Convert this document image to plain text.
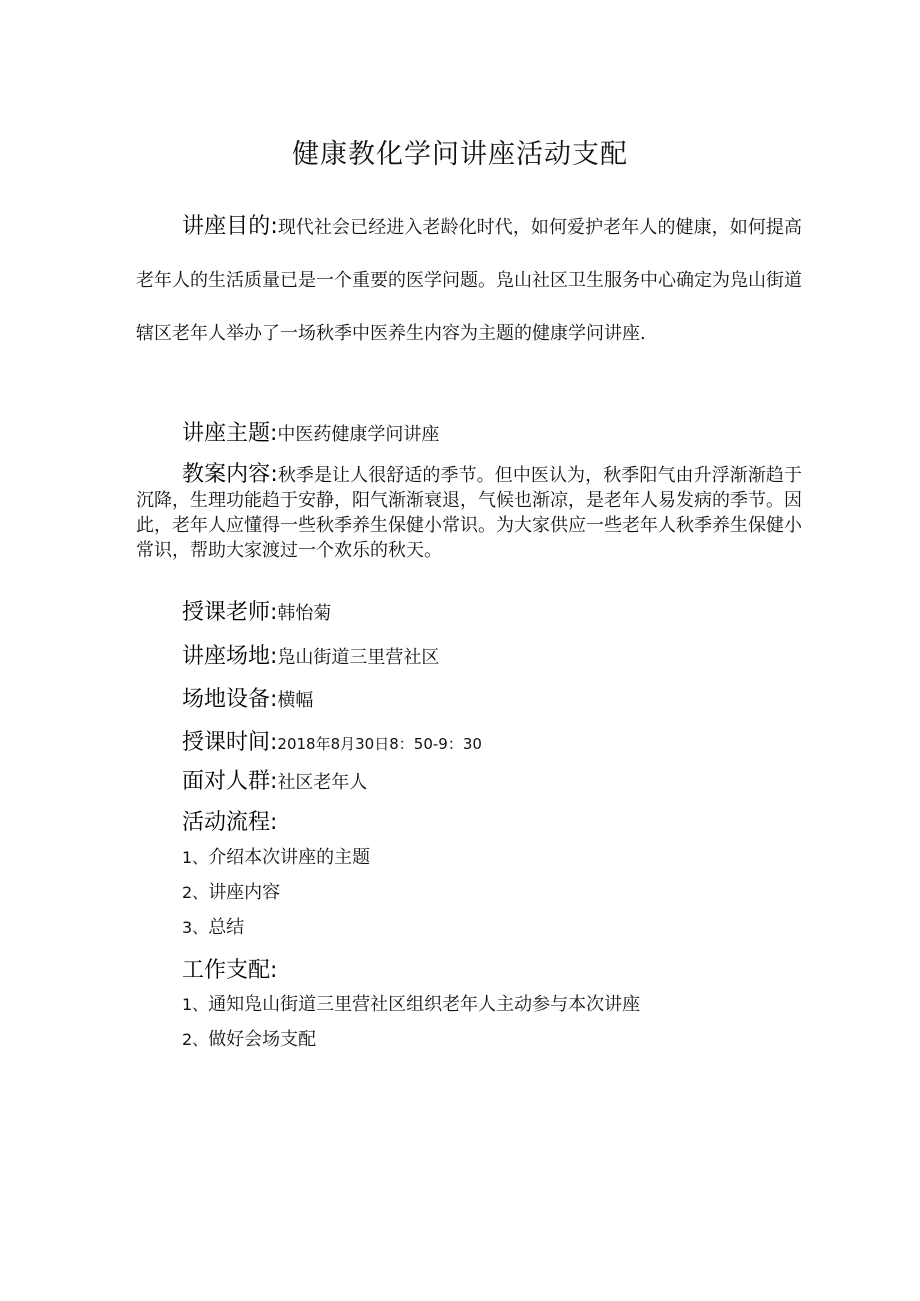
健康教化学问讲座活动支配
讲座目的:现代社会已经进入老龄化时代，如何爱护老年人的健康，如何提高老年人的生活质量已是一个重要的医学问题。凫山社区卫生服务中心确定为凫山街道辖区老年人举办了一场秋季中医养生内容为主题的健康学问讲座.
讲座主题:中医药健康学问讲座
教案内容:秋季是让人很舒适的季节。但中医认为，秋季阳气由升浮渐渐趋于沉降，生理功能趋于安静，阳气渐渐衰退，气候也渐凉，是老年人易发病的季节。因此，老年人应懂得一些秋季养生保健小常识。为大家供应一些老年人秋季养生保健小常识，帮助大家渡过一个欢乐的秋天。
授课老师:韩怡菊
讲座场地:凫山街道三里营社区
场地设备:横幅
授课时间:2018年8月30日8：50-9：30
面对人群:社区老年人
活动流程:
1、介绍本次讲座的主题
2、讲座内容
3、总结
工作支配:
1、通知凫山街道三里营社区组织老年人主动参与本次讲座
2、做好会场支配
